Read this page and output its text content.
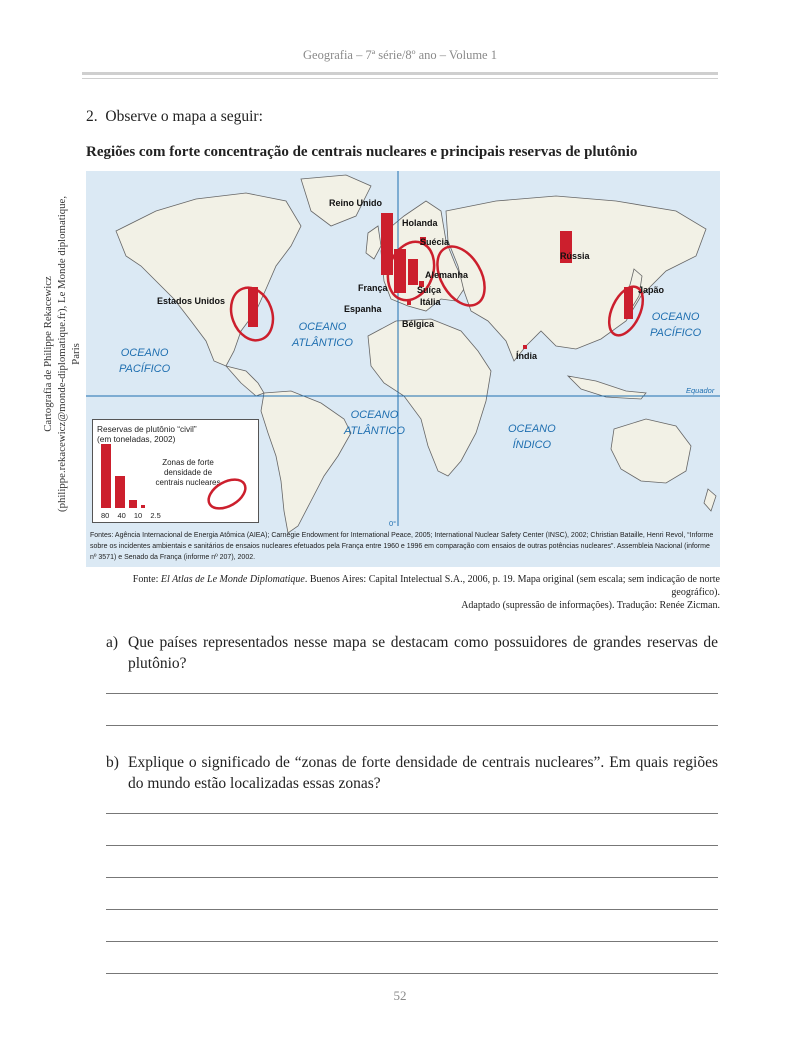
Geografia – 7ª série/8º ano – Volume 1
2. Observe o mapa a seguir:
Regiões com forte concentração de centrais nucleares e principais reservas de plutônio
Cartografia de Philippe Rekacewicz (philippe.rekacewicz@monde-diplomatique.fr), Le Monde diplomatique, Paris
Reino Unido
Holanda
Suécia
Rússia
Alemanha
Suíça
Itália
França
Espanha
Bélgica
Estados Unidos
Japão
Índia
OCEANO
ATLÂNTICO
OCEANO
PACÍFICO
OCEANO
ATLÂNTICO	OCEANO
ÍNDICO
OCEANO
PACÍFICO
Equador
0°
Reservas de plutônio “civil”
(em toneladas, 2002)
Zonas de forte
densidade de
centrais nucleares
80 40 10 2.5
Fontes: Agência Internacional de Energia Atômica (AIEA); Carnegie Endowment for International Peace, 2005; International Nuclear Safety Center (INSC), 2002; Christian Bataille, Henri Revol, “Informe sobre os incidentes ambientais e sanitários de ensaios nucleares efetuados pela França entre 1960 e 1996 em comparação com ensaios de outras potências nucleares”. Assembleia Nacional (informe nº 3571) e Senado da França (informe nº 207), 2002.
Fonte: El Atlas de Le Monde Diplomatique. Buenos Aires: Capital Intelectual S.A., 2006, p. 19. Mapa original (sem escala; sem indicação de norte geográfico).
Adaptado (supressão de informações). Tradução: Renée Zicman.
a) Que países representados nesse mapa se destacam como possuidores de grandes reservas de plutônio?
b) Explique o significado de “zonas de forte densidade de centrais nucleares”. Em quais regiões do mundo estão localizadas essas zonas?
52
